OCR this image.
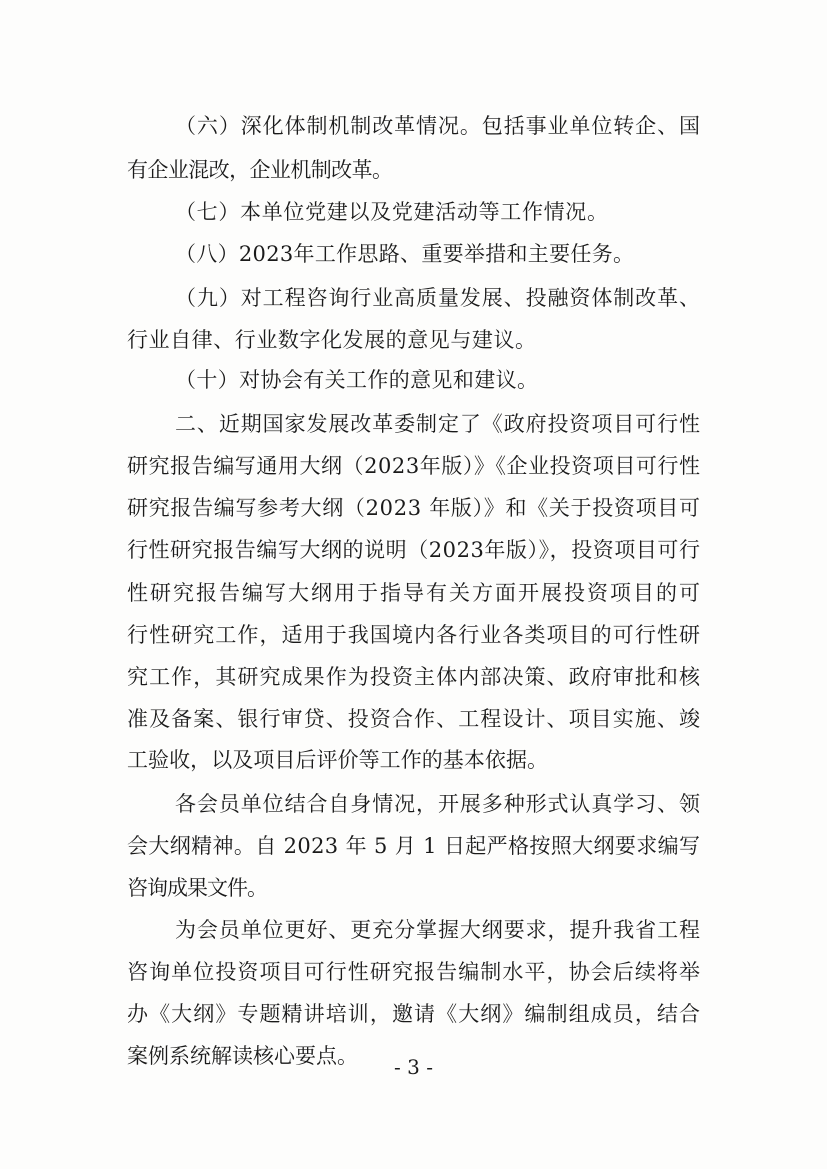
（六）深化体制机制改革情况。包括事业单位转企、国
有企业混改，企业机制改革。
（七）本单位党建以及党建活动等工作情况。
（八）2023年工作思路、重要举措和主要任务。
（九）对工程咨询行业高质量发展、投融资体制改革、
行业自律、行业数字化发展的意见与建议。
（十）对协会有关工作的意见和建议。
二、近期国家发展改革委制定了《政府投资项目可行性
研究报告编写通用大纲（2023年版）》《企业投资项目可行性
研究报告编写参考大纲（2023 年版）》和《关于投资项目可
行性研究报告编写大纲的说明（2023年版）》，投资项目可行
性研究报告编写大纲用于指导有关方面开展投资项目的可
行性研究工作，适用于我国境内各行业各类项目的可行性研
究工作，其研究成果作为投资主体内部决策、政府审批和核
准及备案、银行审贷、投资合作、工程设计、项目实施、竣
工验收，以及项目后评价等工作的基本依据。
各会员单位结合自身情况，开展多种形式认真学习、领
会大纲精神。自 2023 年 5 月 1 日起严格按照大纲要求编写
咨询成果文件。
为会员单位更好、更充分掌握大纲要求，提升我省工程
咨询单位投资项目可行性研究报告编制水平，协会后续将举
办《大纲》专题精讲培训，邀请《大纲》编制组成员，结合
案例系统解读核心要点。	- 3 -
